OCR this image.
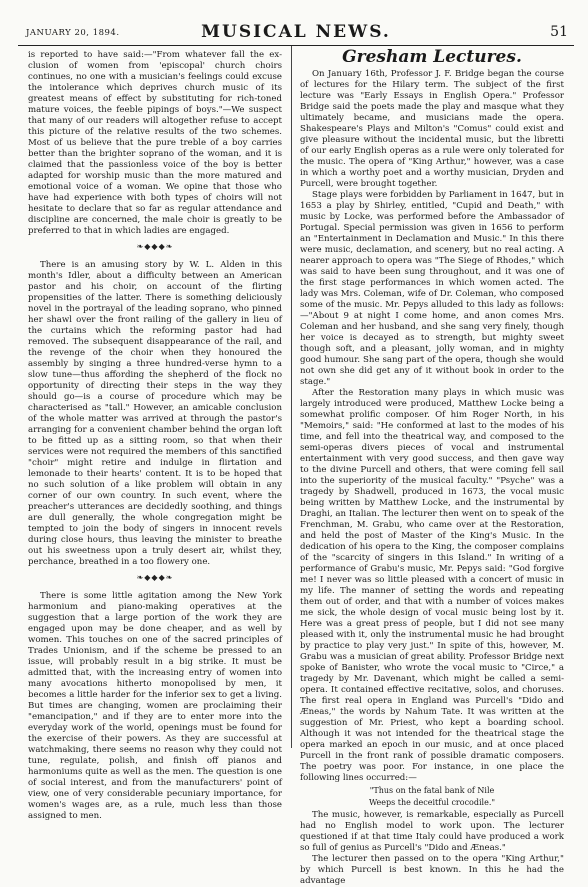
JANUARY 20, 1894.	MUSICAL NEWS.	51

is reported to have said:—"From whatever fall the ex- clusion of women from 'episcopal' church choirs continues, no one with a musician's feelings could excuse the intolerance which deprives church music of its greatest means of effect by substituting for rich-toned mature voices, the feeble pipings of boys."—We suspect that many of our readers will altogether refuse to accept this picture of the relative results of the two schemes. Most of us believe that the pure treble of a boy carries better than the brighter soprano of the woman, and it is claimed that the passionless voice of the boy is better adapted for worship music than the more matured and emotional voice of a woman. We opine that those who have had experience with both types of choirs will not hesitate to declare that so far as regular attendance and discipline are concerned, the male choir is greatly to be preferred to that in which ladies are engaged.

❧◆◆◆❧

There is an amusing story by W. L. Alden in this month's Idler, about a difficulty between an American pastor and his choir, on account of the flirting propensities of the latter. There is something deliciously novel in the portrayal of the leading soprano, who pinned her shawl over the front railing of the gallery in lieu of the curtains which the reforming pastor had had removed. The subsequent disappearance of the rail, and the revenge of the choir when they honoured the assembly by singing a three hundred-verse hymn to a slow tune—thus affording the shepherd of the flock no opportunity of directing their steps in the way they should go—is a course of procedure which may be characterised as "tall." However, an amicable conclusion of the whole matter was arrived at through the pastor's arranging for a convenient chamber behind the organ loft to be fitted up as a sitting room, so that when their services were not required the members of this sanctified "choir" might retire and indulge in flirtation and lemonade to their hearts' content. It is to be hoped that no such solution of a like problem will obtain in any corner of our own country. In such event, where the preacher's utterances are decidedly soothing, and things are dull generally, the whole congregation might be tempted to join the body of singers in innocent revels during close hours, thus leaving the minister to breathe out his sweetness upon a truly desert air, whilst they, perchance, breathed in a too flowery one.

❧◆◆◆❧

There is some little agitation among the New York harmonium and piano-making operatives at the suggestion that a large portion of the work they are engaged upon may be done cheaper, and as well by women. This touches on one of the sacred principles of Trades Unionism, and if the scheme be pressed to an issue, will probably result in a big strike. It must be admitted that, with the increasing entry of women into many avocations hitherto monopolised by men, it becomes a little harder for the inferior sex to get a living. But times are changing, women are proclaiming their "emancipation," and if they are to enter more into the everyday work of the world, openings must be found for the exercise of their powers. As they are successful at watchmaking, there seems no reason why they could not tune, regulate, polish, and finish off pianos and harmoniums quite as well as the men. The question is one of social interest, and from the manufacturers' point of view, one of very considerable pecuniary importance, for women's wages are, as a rule, much less than those assigned to men.

Gresham Lectures.

On January 16th, Professor J. F. Bridge began the course of lectures for the Hilary term. The subject of the first lecture was "Early Essays in English Opera." Professor Bridge said the poets made the play and masque what they ultimately became, and musicians made the opera. Shakespeare's Plays and Milton's "Comus" could exist and give pleasure without the incidental music, but the libretti of our early English operas as a rule were only tolerated for the music. The opera of "King Arthur," however, was a case in which a worthy poet and a worthy musician, Dryden and Purcell, were brought together.

Stage plays were forbidden by Parliament in 1647, but in 1653 a play by Shirley, entitled, "Cupid and Death," with music by Locke, was performed before the Ambassador of Portugal. Special permission was given in 1656 to perform an "Entertainment in Declamation and Music." In this there were music, declamation, and scenery, but no real acting. A nearer approach to opera was "The Siege of Rhodes," which was said to have been sung throughout, and it was one of the first stage performances in which women acted. The lady was Mrs. Coleman, wife of Dr. Coleman, who composed some of the music. Mr. Pepys alluded to this lady as follows:—"About 9 at night I come home, and anon comes Mrs. Coleman and her husband, and she sang very finely, though her voice is decayed as to strength, but mighty sweet though soft, and a pleasant, jolly woman, and in mighty good humour. She sang part of the opera, though she would not own she did get any of it without book in order to the stage."

After the Restoration many plays in which music was largely introduced were produced, Matthew Locke being a somewhat prolific composer. Of him Roger North, in his "Memoirs," said: "He conformed at last to the modes of his time, and fell into the theatrical way, and composed to the semi-operas divers pieces of vocal and instrumental entertainment with very good success, and then gave way to the divine Purcell and others, that were coming fell sail into the superiority of the musical faculty." "Psyche" was a tragedy by Shadwell, produced in 1673, the vocal music being written by Matthew Locke, and the instrumental by Draghi, an Italian. The lecturer then went on to speak of the Frenchman, M. Grabu, who came over at the Restoration, and held the post of Master of the King's Music. In the dedication of his opera to the King, the composer complains of the "scarcity of singers in this Island." In writing of a performance of Grabu's music, Mr. Pepys said: "God forgive me! I never was so little pleased with a concert of music in my life. The manner of setting the words and repeating them out of order, and that with a number of voices makes me sick, the whole design of vocal music being lost by it. Here was a great press of people, but I did not see many pleased with it, only the instrumental music he had brought by practice to play very just." In spite of this, however, M. Grabu was a musician of great ability. Professor Bridge next spoke of Banister, who wrote the vocal music to "Circe," a tragedy by Mr. Davenant, which might be called a semi-opera. It contained effective recitative, solos, and choruses. The first real opera in England was Purcell's "Dido and Æneas," the words by Nahum Tate. It was written at the suggestion of Mr. Priest, who kept a boarding school. Although it was not intended for the theatrical stage the opera marked an epoch in our music, and at once placed Purcell in the front rank of possible dramatic composers. The poetry was poor. For instance, in one place the following lines occurred:—

"Thus on the fatal bank of Nile
Weeps the deceitful crocodile."

The music, however, is remarkable, especially as Purcell had no English model to work upon. The lecturer questioned if at that time Italy could have produced a work so full of genius as Purcell's "Dido and Æneas."

The lecturer then passed on to the opera "King Arthur," by which Purcell is best known. In this he had the advantage
